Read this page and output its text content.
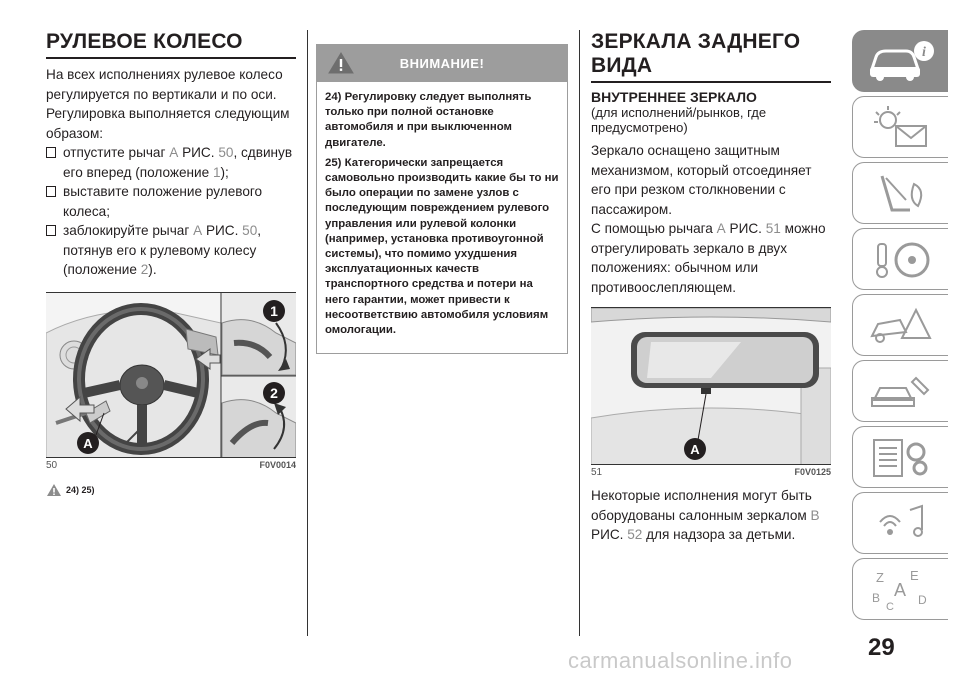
РУЛЕВОЕ КОЛЕСО
На всех исполнениях рулевое колесо регулируется по вертикали и по оси.
Регулировка выполняется следующим образом:
отпустите рычаг А РИС. 50, сдвинув его вперед (положение 1);
выставите положение рулевого колеса;
заблокируйте рычаг А РИС. 50, потянув его к рулевому колесу (положение 2).
1
2
A
50	F0V0014
24) 25)
ВНИМАНИЕ!

24) Регулировку следует выполнять только при полной остановке автомобиля и при выключенном двигателе.

25) Категорически запрещается самовольно производить какие бы то ни было операции по замене узлов с последующим повреждением рулевого управления или рулевой колонки (например, установка противоугонной системы), что помимо ухудшения эксплуатационных качеств транспортного средства и потери на него гарантии, может привести к несоответствию автомобиля условиям омологации.

ЗЕРКАЛА ЗАДНЕГО ВИДА
ВНУТРЕННЕЕ ЗЕРКАЛО
(для исполнений/рынков, где предусмотрено)
Зеркало оснащено защитным механизмом, который отсоединяет его при резком столкновении с пассажиром.
С помощью рычага А РИС. 51 можно отрегулировать зеркало в двух положениях: обычном или противоослепляющем.
A
51	F0V0125
Некоторые исполнения могут быть оборудованы салонным зеркалом B РИС. 52 для надзора за детьми.
i
Z E
A
B	D
C
29
carmanualsonline.info
